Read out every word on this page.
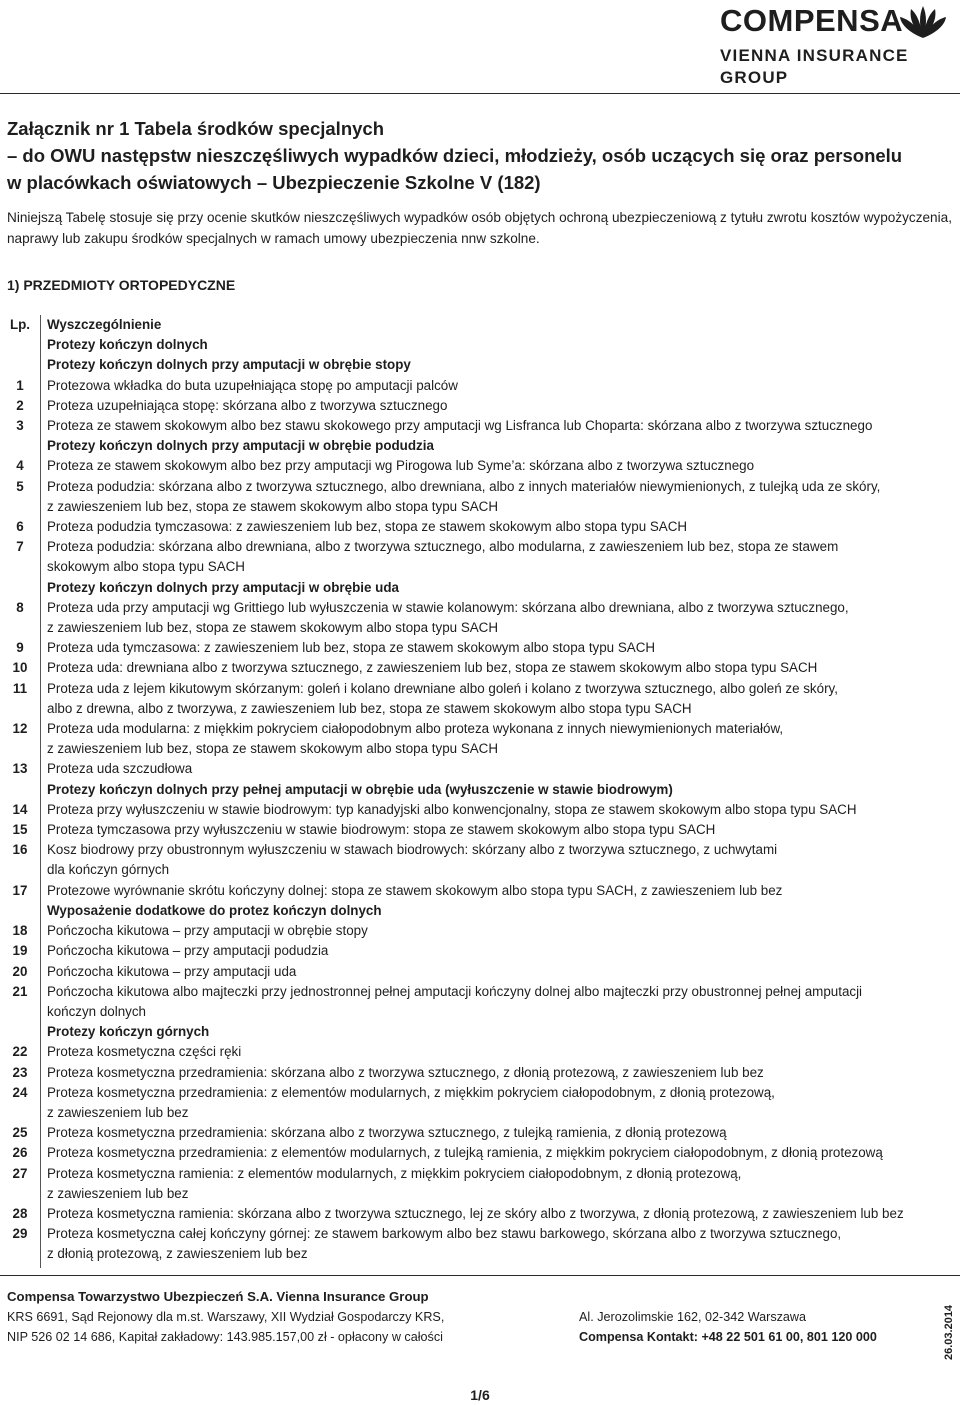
COMPENSA
VIENNA INSURANCE GROUP
Załącznik nr 1 Tabela środków specjalnych
– do OWU następstw nieszczęśliwych wypadków dzieci, młodzieży, osób uczących się oraz personelu
w placówkach oświatowych – Ubezpieczenie Szkolne V (182)
Niniejszą Tabelę stosuje się przy ocenie skutków nieszczęśliwych wypadków osób objętych ochroną ubezpieczeniową z tytułu zwrotu kosztów wypożyczenia, naprawy lub zakupu środków specjalnych w ramach umowy ubezpieczenia nnw szkolne.
1) PRZEDMIOTY ORTOPEDYCZNE
Lp.	Wyszczególnienie
Protezy kończyn dolnych
Protezy kończyn dolnych przy amputacji w obrębie stopy
1	Protezowa wkładka do buta uzupełniająca stopę po amputacji palców
2	Proteza uzupełniająca stopę: skórzana albo z tworzywa sztucznego
3	Proteza ze stawem skokowym albo bez stawu skokowego przy amputacji wg Lisfranca lub Choparta: skórzana albo z tworzywa sztucznego
Protezy kończyn dolnych przy amputacji w obrębie podudzia
4	Proteza ze stawem skokowym albo bez przy amputacji wg Pirogowa lub Syme’a: skórzana albo z tworzywa sztucznego
5	Proteza podudzia: skórzana albo z tworzywa sztucznego, albo drewniana, albo z innych materiałów niewymienionych, z tulejką uda ze skóry,
z zawieszeniem lub bez, stopa ze stawem skokowym albo stopa typu SACH
6	Proteza podudzia tymczasowa: z zawieszeniem lub bez, stopa ze stawem skokowym albo stopa typu SACH
7	Proteza podudzia: skórzana albo drewniana, albo z tworzywa sztucznego, albo modularna, z zawieszeniem lub bez, stopa ze stawem
skokowym albo stopa typu SACH
Protezy kończyn dolnych przy amputacji w obrębie uda
8	Proteza uda przy amputacji wg Grittiego lub wyłuszczenia w stawie kolanowym: skórzana albo drewniana, albo z tworzywa sztucznego,
z zawieszeniem lub bez, stopa ze stawem skokowym albo stopa typu SACH
9	Proteza uda tymczasowa: z zawieszeniem lub bez, stopa ze stawem skokowym albo stopa typu SACH
10	Proteza uda: drewniana albo z tworzywa sztucznego, z zawieszeniem lub bez, stopa ze stawem skokowym albo stopa typu SACH
11	Proteza uda z lejem kikutowym skórzanym: goleń i kolano drewniane albo goleń i kolano z tworzywa sztucznego, albo goleń ze skóry,
albo z drewna, albo z tworzywa, z zawieszeniem lub bez, stopa ze stawem skokowym albo stopa typu SACH
12	Proteza uda modularna: z miękkim pokryciem ciałopodobnym albo proteza wykonana z innych niewymienionych materiałów,
z zawieszeniem lub bez, stopa ze stawem skokowym albo stopa typu SACH
13	Proteza uda szczudłowa
Protezy kończyn dolnych przy pełnej amputacji w obrębie uda (wyłuszczenie w stawie biodrowym)
14	Proteza przy wyłuszczeniu w stawie biodrowym: typ kanadyjski albo konwencjonalny, stopa ze stawem skokowym albo stopa typu SACH
15	Proteza tymczasowa przy wyłuszczeniu w stawie biodrowym: stopa ze stawem skokowym albo stopa typu SACH
16	Kosz biodrowy przy obustronnym wyłuszczeniu w stawach biodrowych: skórzany albo z tworzywa sztucznego, z uchwytami
dla kończyn górnych
17	Protezowe wyrównanie skrótu kończyny dolnej: stopa ze stawem skokowym albo stopa typu SACH, z zawieszeniem lub bez
Wyposażenie dodatkowe do protez kończyn dolnych
18	Pończocha kikutowa – przy amputacji w obrębie stopy
19	Pończocha kikutowa – przy amputacji podudzia
20	Pończocha kikutowa – przy amputacji uda
21	Pończocha kikutowa albo majteczki przy jednostronnej pełnej amputacji kończyny dolnej albo majteczki przy obustronnej pełnej amputacji
kończyn dolnych
Protezy kończyn górnych
22	Proteza kosmetyczna części ręki
23	Proteza kosmetyczna przedramienia: skórzana albo z tworzywa sztucznego, z dłonią protezową, z zawieszeniem lub bez
24	Proteza kosmetyczna przedramienia: z elementów modularnych, z miękkim pokryciem ciałopodobnym, z dłonią protezową,
z zawieszeniem lub bez
25	Proteza kosmetyczna przedramienia: skórzana albo z tworzywa sztucznego, z tulejką ramienia, z dłonią protezową
26	Proteza kosmetyczna przedramienia: z elementów modularnych, z tulejką ramienia, z miękkim pokryciem ciałopodobnym, z dłonią protezową
27	Proteza kosmetyczna ramienia: z elementów modularnych, z miękkim pokryciem ciałopodobnym, z dłonią protezową,
z zawieszeniem lub bez
28	Proteza kosmetyczna ramienia: skórzana albo z tworzywa sztucznego, lej ze skóry albo z tworzywa, z dłonią protezową, z zawieszeniem lub bez
29	Proteza kosmetyczna całej kończyny górnej: ze stawem barkowym albo bez stawu barkowego, skórzana albo z tworzywa sztucznego,
z dłonią protezową, z zawieszeniem lub bez
Compensa Towarzystwo Ubezpieczeń S.A. Vienna Insurance Group
KRS 6691, Sąd Rejonowy dla m.st. Warszawy, XII Wydział Gospodarczy KRS,
NIP 526 02 14 686, Kapitał zakładowy: 143.985.157,00 zł - opłacony w całości
Al. Jerozolimskie 162, 02-342 Warszawa
Compensa Kontakt: +48 22 501 61 00, 801 120 000	26.03.2014
1/6
